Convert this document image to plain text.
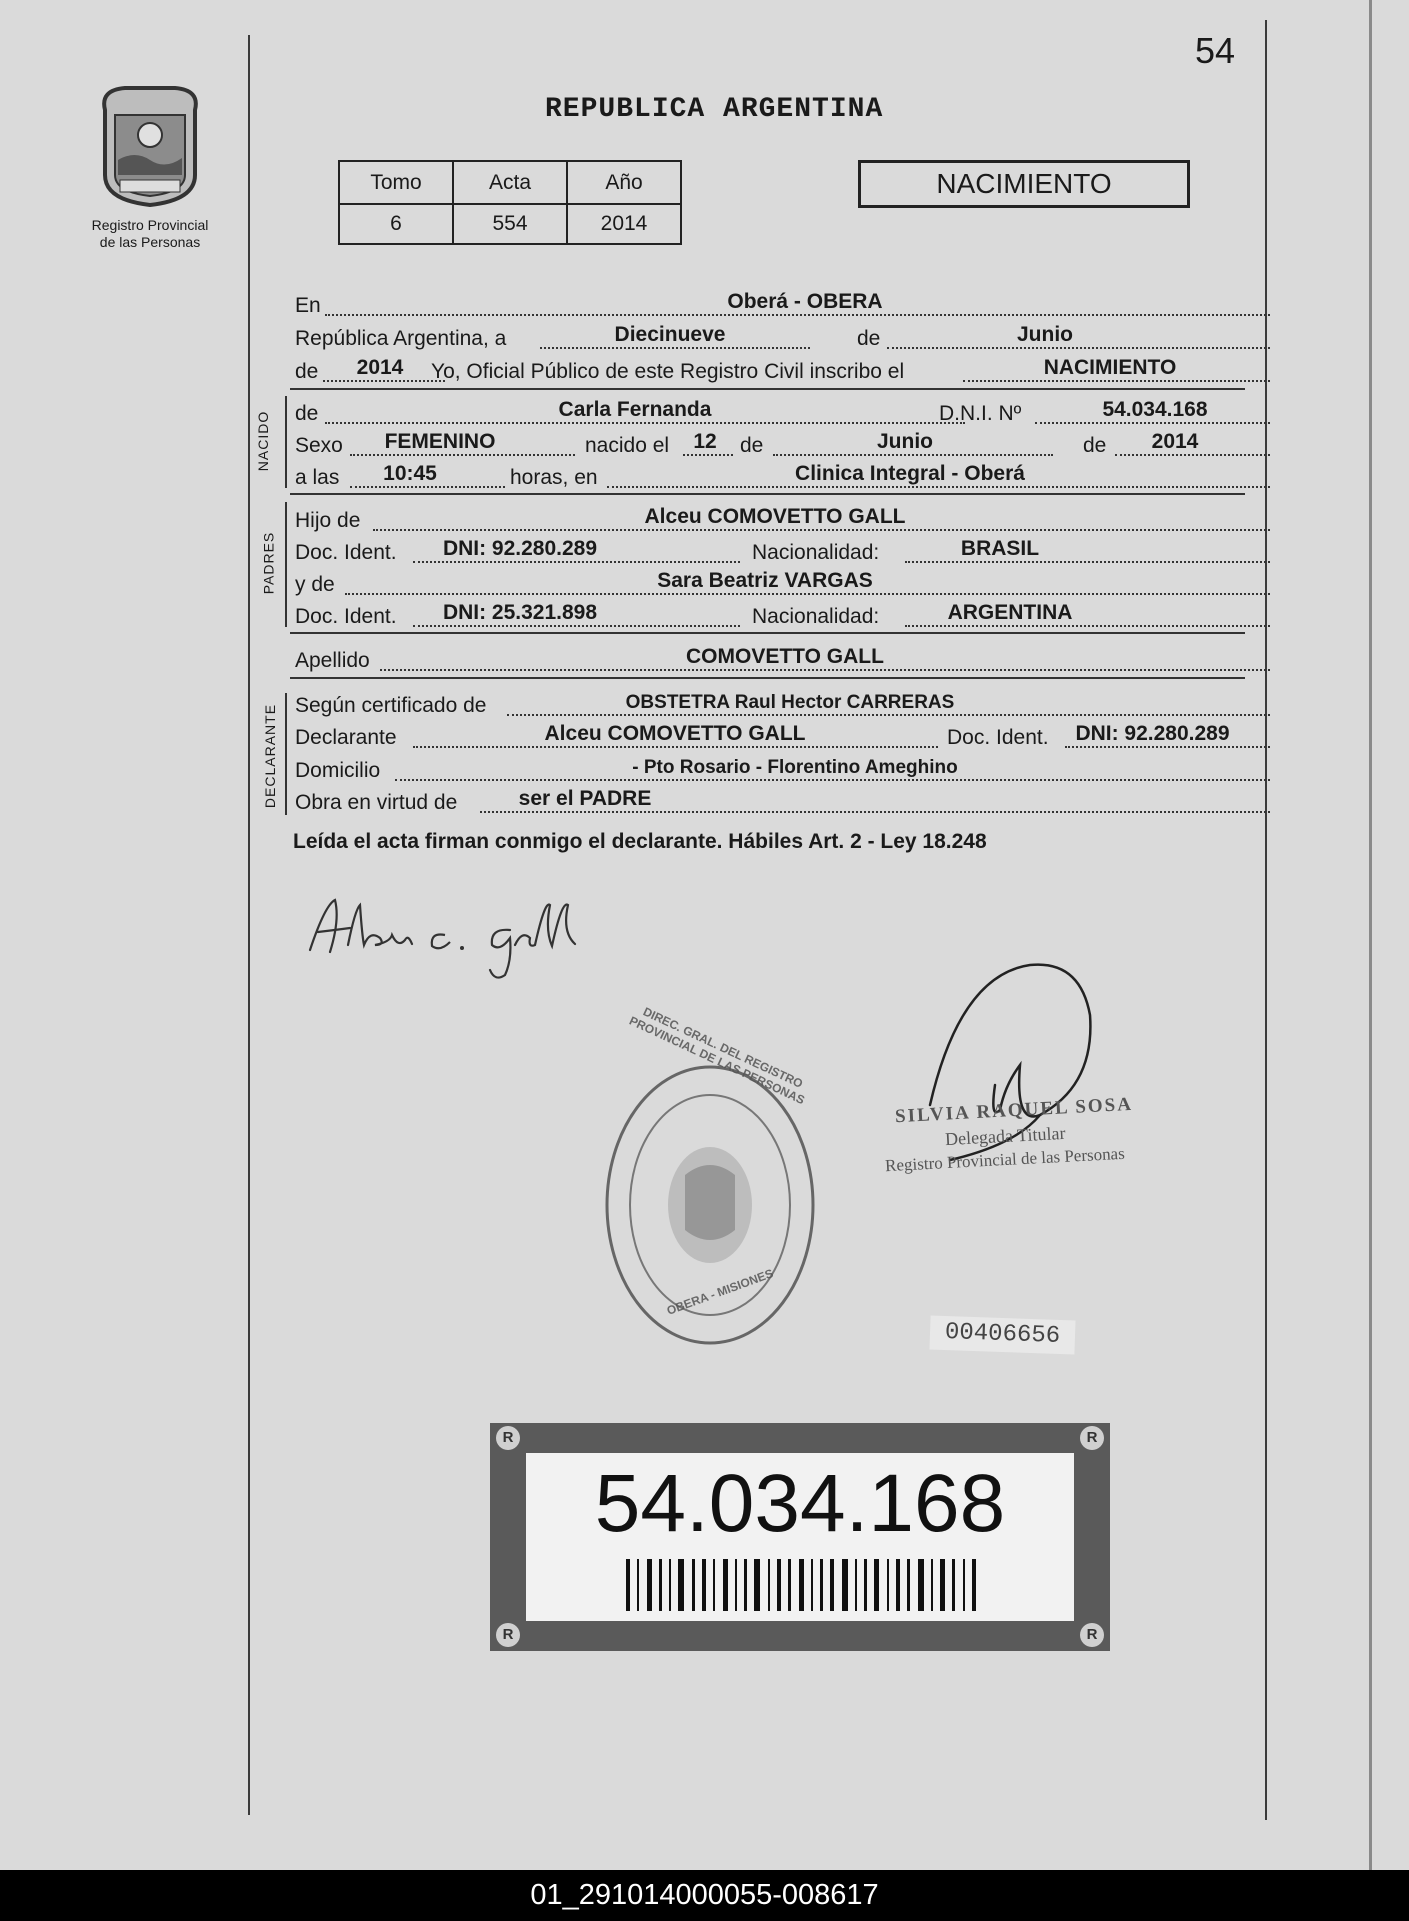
54
Registro Provincial
de las Personas
REPUBLICA ARGENTINA
Tomo	Acta	Año
6	554	2014
NACIMIENTO
En	Oberá - OBERA
República Argentina, a	Diecinueve	de	Junio
de	2014	Yo, Oficial Público de este Registro Civil inscribo el	NACIMIENTO
NACIDO de	Carla Fernanda	D.N.I. Nº	54.034.168
Sexo	FEMENINO	nacido el	12	de	Junio	de	2014
a las	10:45	horas, en	Clinica Integral - Oberá
PADRES
Hijo de	Alceu COMOVETTO GALL
Doc. Ident.	DNI: 92.280.289	Nacionalidad:	BRASIL
y de	Sara Beatriz VARGAS
Doc. Ident.	DNI: 25.321.898	Nacionalidad:	ARGENTINA
Apellido	COMOVETTO GALL
DECLARANTE Según certificado de	OBSTETRA Raul Hector CARRERAS
Declarante	Alceu COMOVETTO GALL	Doc. Ident.	DNI: 92.280.289
Domicilio	- Pto Rosario - Florentino Ameghino
Obra en virtud de	ser el PADRE
Leída el acta firman conmigo el declarante. Hábiles Art. 2 - Ley 18.248
DIREC. GRAL. DEL REGISTRO PROVINCIAL DE LAS PERSONAS
OBERA - MISIONES
SILVIA RAQUEL SOSA
Delegada Titular
Registro Provincial de las Personas
00406656
R	R
R	R
54.034.168
01_291014000055-008617
